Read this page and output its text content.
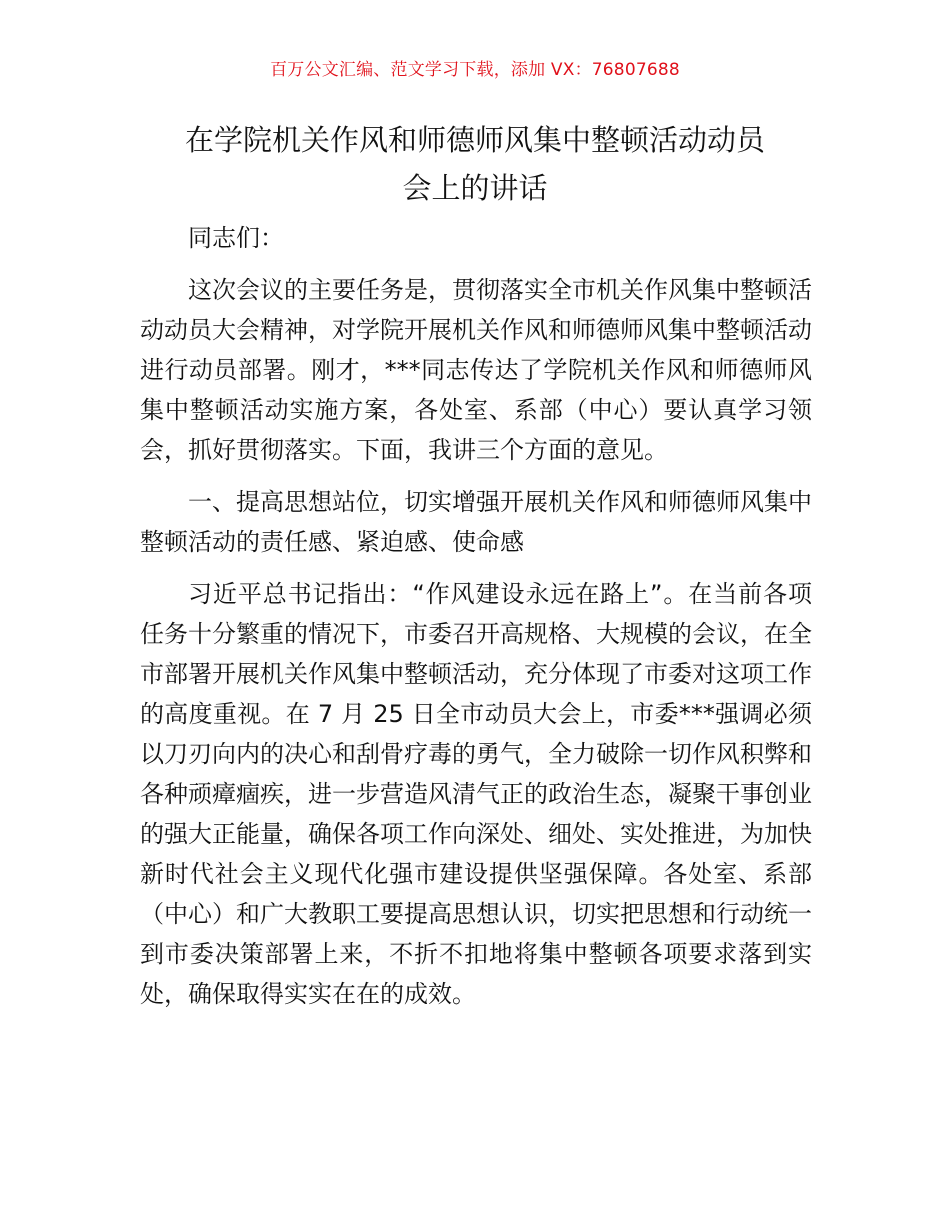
百万公文汇编、范文学习下载，添加 VX：76807688
在学院机关作风和师德师风集中整顿活动动员
会上的讲话

同志们：

这次会议的主要任务是，贯彻落实全市机关作风集中整顿活动动员大会精神，对学院开展机关作风和师德师风集中整顿活动进行动员部署。刚才，***同志传达了学院机关作风和师德师风集中整顿活动实施方案，各处室、系部（中心）要认真学习领会，抓好贯彻落实。下面，我讲三个方面的意见。

一、提高思想站位，切实增强开展机关作风和师德师风集中整顿活动的责任感、紧迫感、使命感

习近平总书记指出：“作风建设永远在路上”。在当前各项任务十分繁重的情况下，市委召开高规格、大规模的会议，在全市部署开展机关作风集中整顿活动，充分体现了市委对这项工作的高度重视。在 7 月 25 日全市动员大会上，市委***强调必须以刀刃向内的决心和刮骨疗毒的勇气，全力破除一切作风积弊和各种顽瘴痼疾，进一步营造风清气正的政治生态，凝聚干事创业的强大正能量，确保各项工作向深处、细处、实处推进，为加快新时代社会主义现代化强市建设提供坚强保障。各处室、系部（中心）和广大教职工要提高思想认识，切实把思想和行动统一到市委决策部署上来，不折不扣地将集中整顿各项要求落到实处，确保取得实实在在的成效。
